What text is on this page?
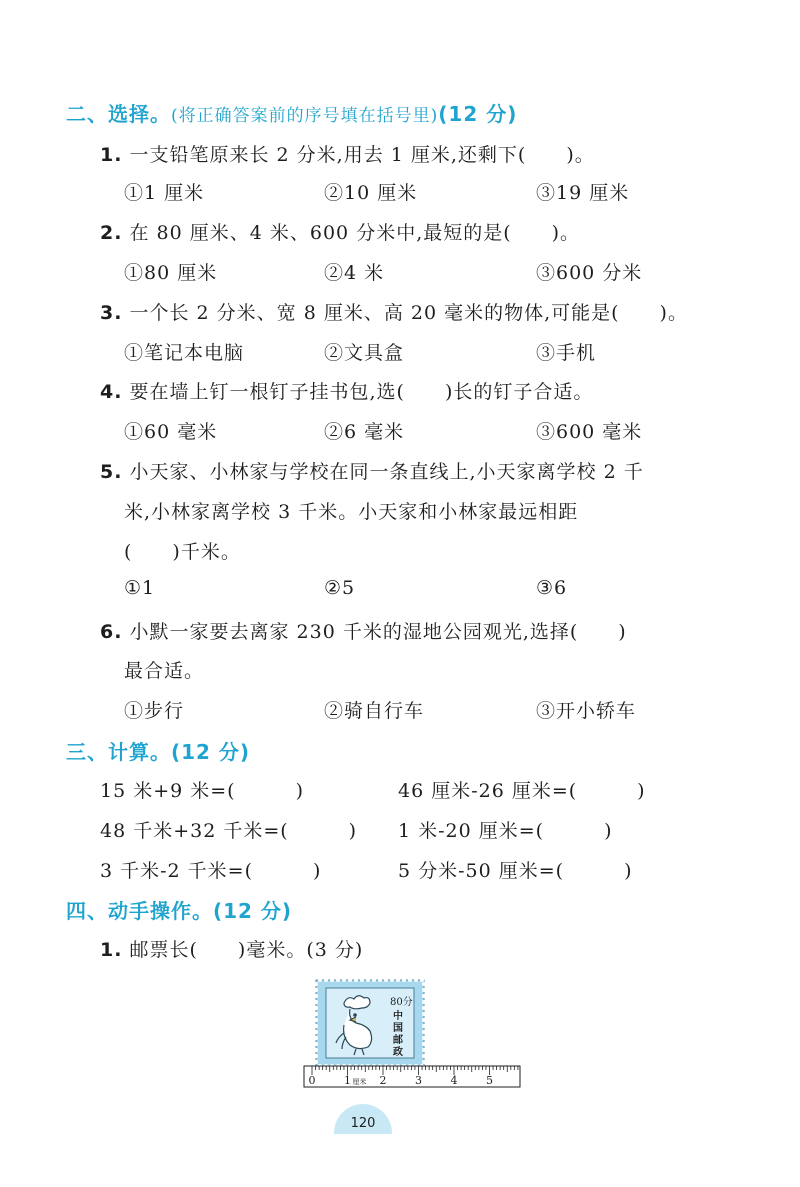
二、选择。(将正确答案前的序号填在括号里)(12 分)
1. 一支铅笔原来长 2 分米,用去 1 厘米,还剩下(　　)。
①1 厘米	②10 厘米	③19 厘米
2. 在 80 厘米、4 米、600 分米中,最短的是(　　)。
①80 厘米	②4 米	③600 分米
3. 一个长 2 分米、宽 8 厘米、高 20 毫米的物体,可能是(　　)。
①笔记本电脑	②文具盒	③手机
4. 要在墙上钉一根钉子挂书包,选(　　)长的钉子合适。
①60 毫米	②6 毫米	③600 毫米
5. 小天家、小林家与学校在同一条直线上,小天家离学校 2 千
米,小林家离学校 3 千米。小天家和小林家最远相距
(　　)千米。
①1	②5	③6
6. 小默一家要去离家 230 千米的湿地公园观光,选择(　　)
最合适。
①步行	②骑自行车	③开小轿车
三、计算。(12 分)
15 米+9 米=(　　　)	46 厘米-26 厘米=(　　　)
48 千米+32 千米=(　　　) 1 米-20 厘米=(　　　)
3 千米-2 千米=(　　　)	5 分米-50 厘米=(　　　)
四、动手操作。(12 分)
1. 邮票长(　　)毫米。(3 分)
80分
中
国
邮
政
0	1	2	3	4	5
厘米
120
